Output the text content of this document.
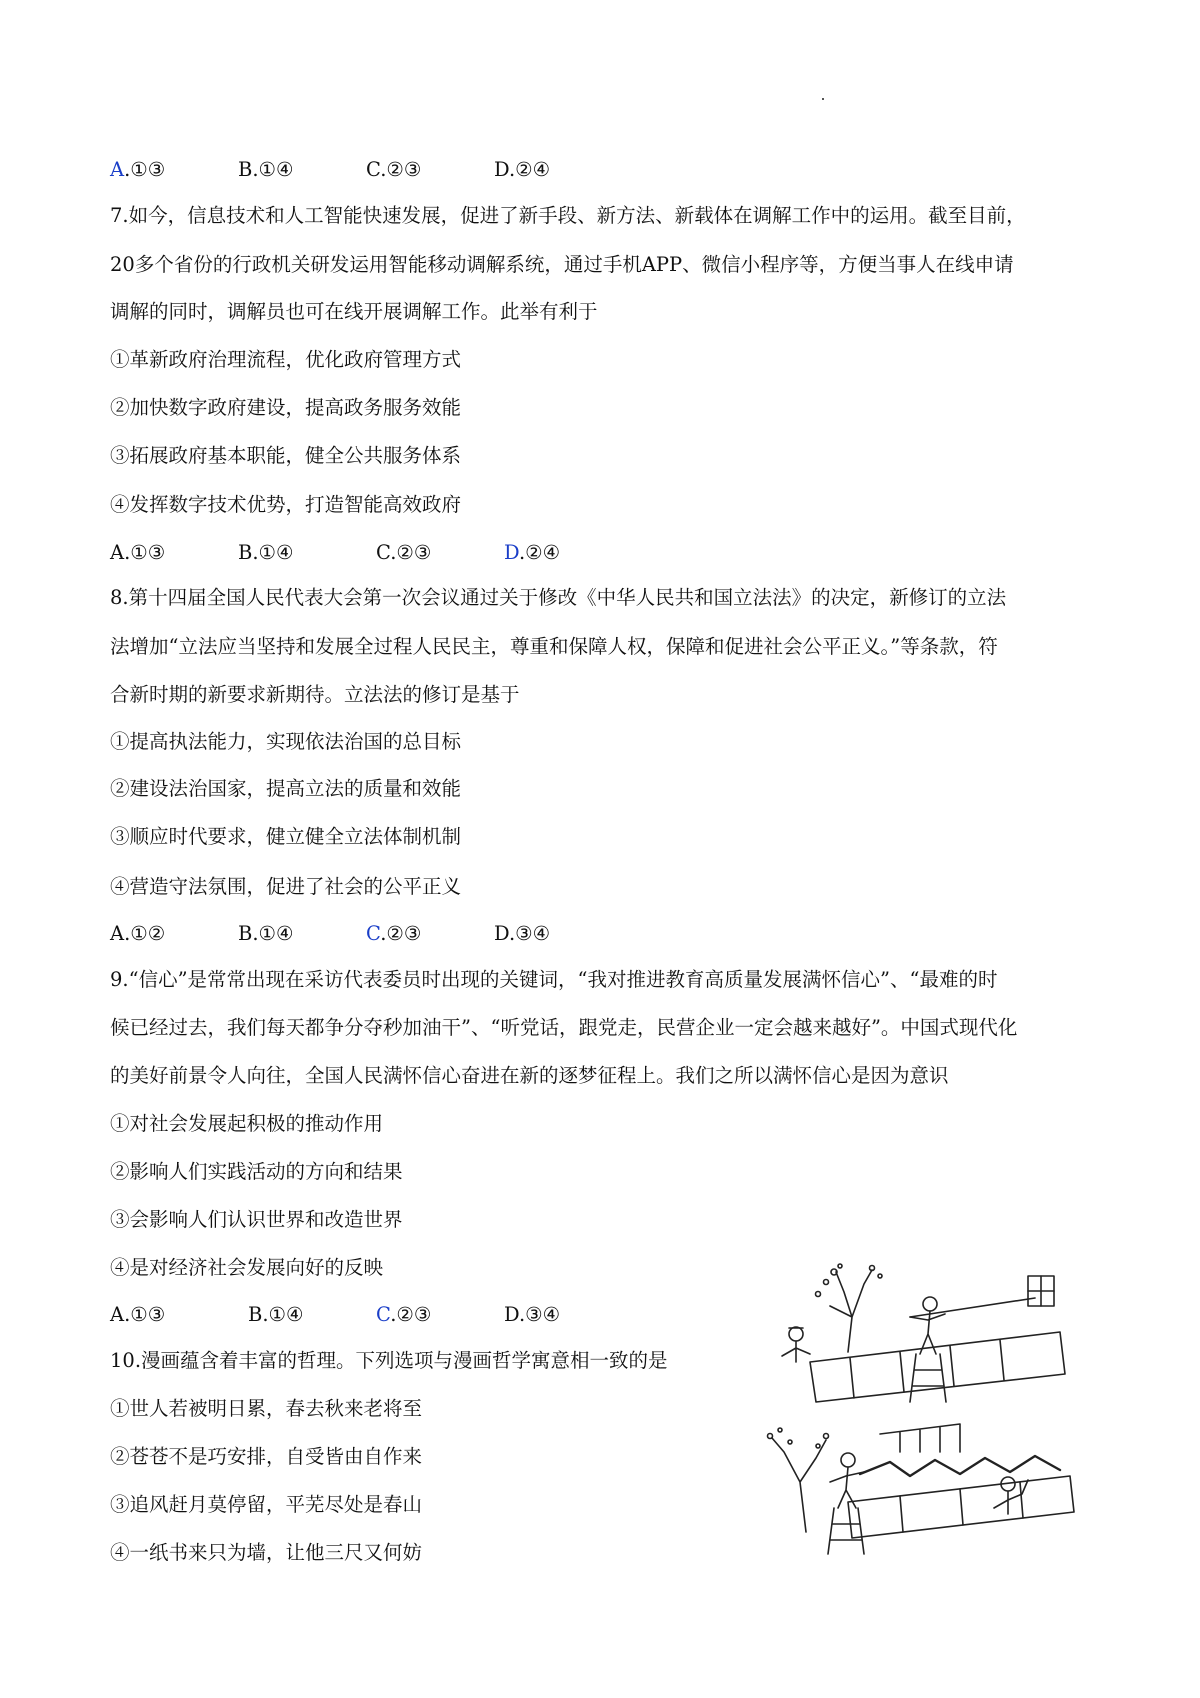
A.①③	B.①④	C.②③	D.②④
7.如今，信息技术和人工智能快速发展，促进了新手段、新方法、新载体在调解工作中的运用。截至目前，
20多个省份的行政机关研发运用智能移动调解系统，通过手机APP、微信小程序等，方便当事人在线申请
调解的同时，调解员也可在线开展调解工作。此举有利于
①革新政府治理流程，优化政府管理方式
②加快数字政府建设，提高政务服务效能
③拓展政府基本职能，健全公共服务体系
④发挥数字技术优势，打造智能高效政府
A.①③	B.①④	C.②③	D.②④
8.第十四届全国人民代表大会第一次会议通过关于修改《中华人民共和国立法法》的决定，新修订的立法
法增加“立法应当坚持和发展全过程人民民主，尊重和保障人权，保障和促进社会公平正义。”等条款，符
合新时期的新要求新期待。立法法的修订是基于
①提高执法能力，实现依法治国的总目标
②建设法治国家，提高立法的质量和效能
③顺应时代要求，健立健全立法体制机制
④营造守法氛围，促进了社会的公平正义
A.①②	B.①④	C.②③	D.③④
9.“信心”是常常出现在采访代表委员时出现的关键词，“我对推进教育高质量发展满怀信心”、“最难的时
候已经过去，我们每天都争分夺秒加油干”、“听党话，跟党走，民营企业一定会越来越好”。中国式现代化
的美好前景令人向往，全国人民满怀信心奋进在新的逐梦征程上。我们之所以满怀信心是因为意识
①对社会发展起积极的推动作用
②影响人们实践活动的方向和结果
③会影响人们认识世界和改造世界
④是对经济社会发展向好的反映
A.①③	B.①④	C.②③	D.③④
10.漫画蕴含着丰富的哲理。下列选项与漫画哲学寓意相一致的是
①世人若被明日累，春去秋来老将至
②苍苍不是巧安排，自受皆由自作来
③追风赶月莫停留，平芜尽处是春山
④一纸书来只为墙，让他三尺又何妨
